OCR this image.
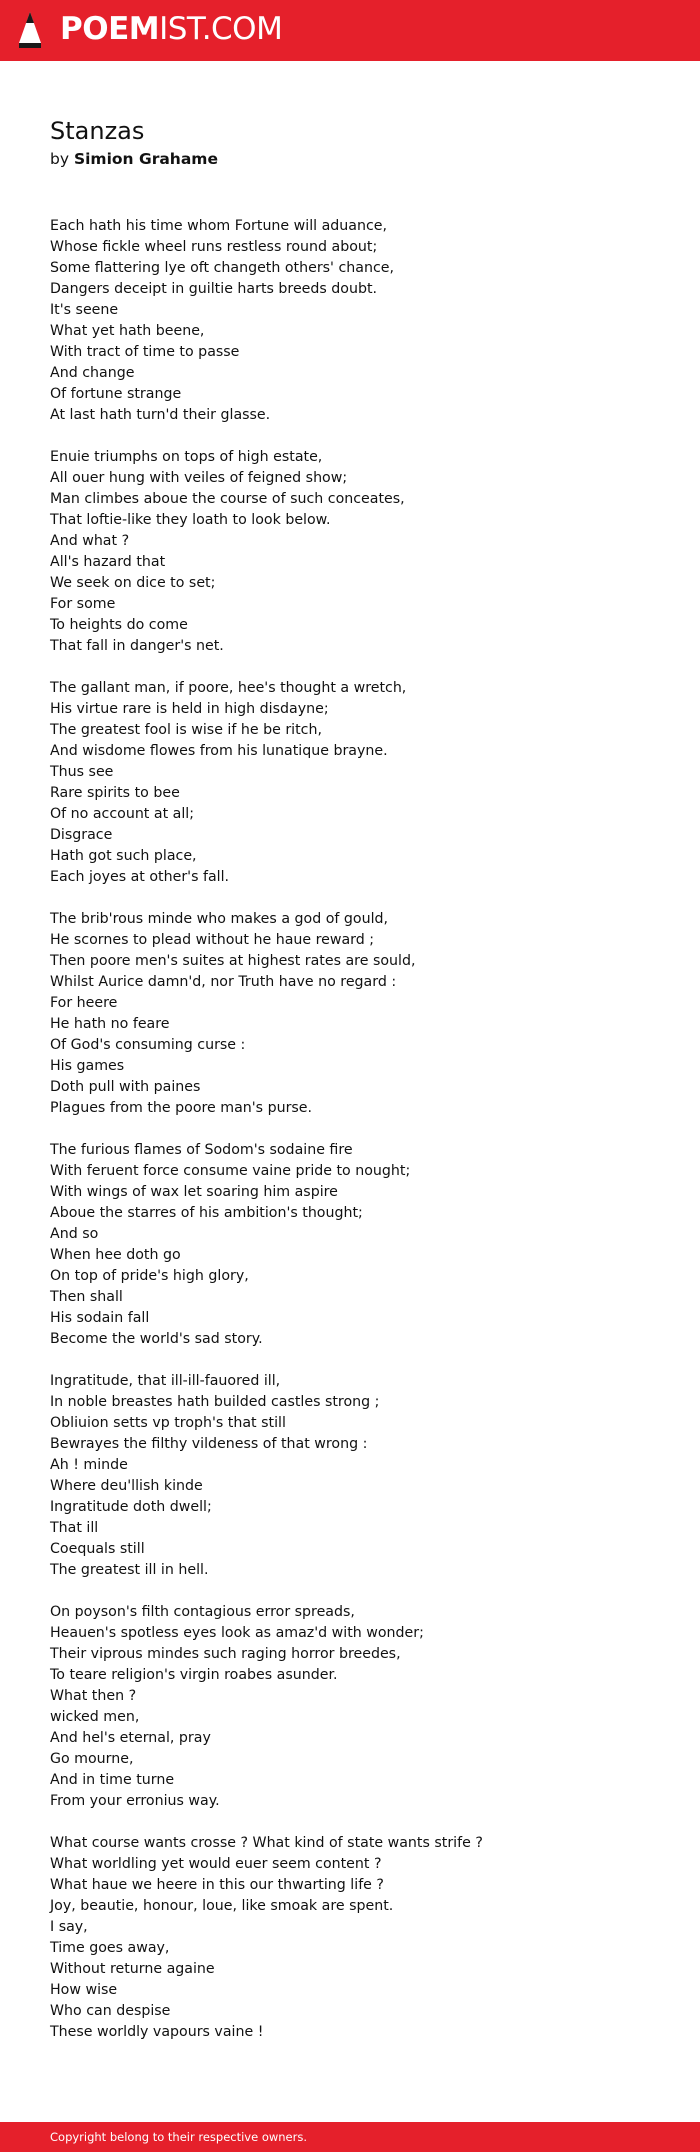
POEMIST.COM
Stanzas
by Simion Grahame
Each hath his time whom Fortune will aduance,
Whose fickle wheel runs restless round about;
Some flattering lye oft changeth others' chance,
Dangers deceipt in guiltie harts breeds doubt.
It's seene
What yet hath beene,
With tract of time to passe
And change
Of fortune strange
At last hath turn'd their glasse.
Enuie triumphs on tops of high estate,
All ouer hung with veiles of feigned show;
Man climbes aboue the course of such conceates,
That loftie-like they loath to look below.
And what ?
All's hazard that
We seek on dice to set;
For some
To heights do come
That fall in danger's net.
The gallant man, if poore, hee's thought a wretch,
His virtue rare is held in high disdayne;
The greatest fool is wise if he be ritch,
And wisdome flowes from his lunatique brayne.
Thus see
Rare spirits to bee
Of no account at all;
Disgrace
Hath got such place,
Each joyes at other's fall.
The brib'rous minde who makes a god of gould,
He scornes to plead without he haue reward ;
Then poore men's suites at highest rates are sould,
Whilst Aurice damn'd, nor Truth have no regard :
For heere
He hath no feare
Of God's consuming curse :
His games
Doth pull with paines
Plagues from the poore man's purse.
The furious flames of Sodom's sodaine fire
With feruent force consume vaine pride to nought;
With wings of wax let soaring him aspire
Aboue the starres of his ambition's thought;
And so
When hee doth go
On top of pride's high glory,
Then shall
His sodain fall
Become the world's sad story.
Ingratitude, that ill-ill-fauored ill,
In noble breastes hath builded castles strong ;
Obliuion setts vp troph's that still
Bewrayes the filthy vildeness of that wrong :
Ah ! minde
Where deu'llish kinde
Ingratitude doth dwell;
That ill
Coequals still
The greatest ill in hell.
On poyson's filth contagious error spreads,
Heauen's spotless eyes look as amaz'd with wonder;
Their viprous mindes such raging horror breedes,
To teare religion's virgin roabes asunder.
What then ?
wicked men,
And hel's eternal, pray
Go mourne,
And in time turne
From your erronius way.
What course wants crosse ? What kind of state wants strife ?
What worldling yet would euer seem content ?
What haue we heere in this our thwarting life ?
Joy, beautie, honour, loue, like smoak are spent.
I say,
Time goes away,
Without returne againe
How wise
Who can despise
These worldly vapours vaine !
Copyright belong to their respective owners.
